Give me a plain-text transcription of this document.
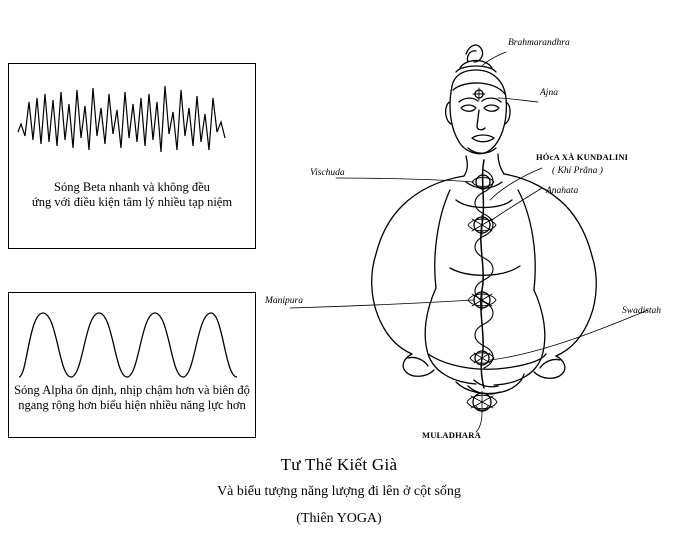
Sóng Beta nhanh và không đều
ứng với điều kiện tâm lý nhiều tạp niệm
Sóng Alpha ổn định, nhịp chậm hơn và biên độ
ngang rộng hơn biểu hiện nhiều năng lực hơn
Brahmarandhra
Ajna
Vischuda
HỎcA XÀ KUNDALINI
( Khí Prâna )
Anahata
Manipura
Swadistah
MULADHARA
Tư Thế Kiết Già
Và biểu tượng năng lượng đi lên ở cột sống
(Thiên YOGA)
